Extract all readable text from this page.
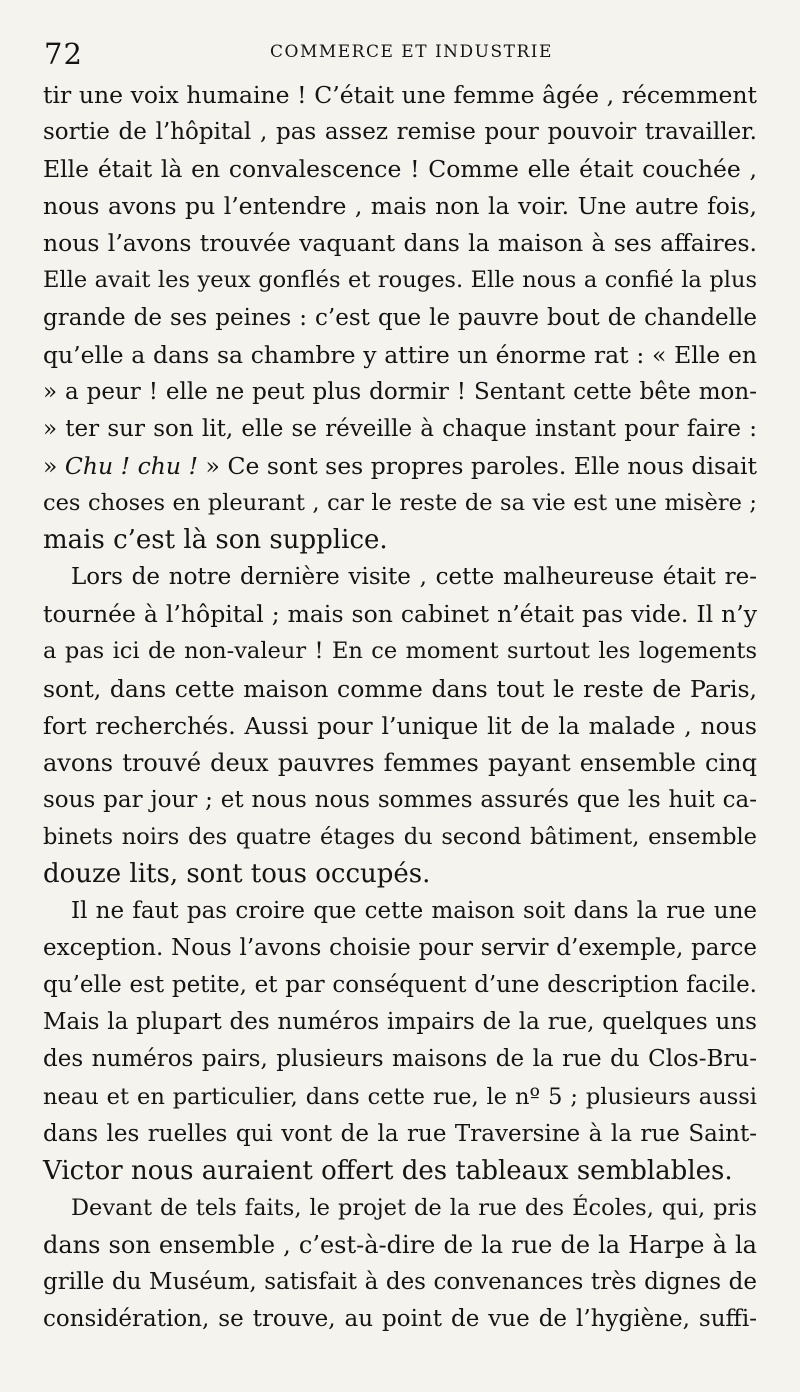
72	COMMERCE ET INDUSTRIE
tir une voix humaine ! C’était une femme âgée , récemment
sortie de l’hôpital , pas assez remise pour pouvoir travailler.
Elle était là en convalescence ! Comme elle était couchée ,
nous avons pu l’entendre , mais non la voir. Une autre fois,
nous l’avons trouvée vaquant dans la maison à ses affaires.
Elle avait les yeux gonflés et rouges. Elle nous a confié la plus
grande de ses peines : c’est que le pauvre bout de chandelle
qu’elle a dans sa chambre y attire un énorme rat : « Elle en
» a peur ! elle ne peut plus dormir ! Sentant cette bête mon-
» ter sur son lit, elle se réveille à chaque instant pour faire :
» Chu ! chu ! » Ce sont ses propres paroles. Elle nous disait
ces choses en pleurant , car le reste de sa vie est une misère ;
mais c’est là son supplice.
Lors de notre dernière visite , cette malheureuse était re-
tournée à l’hôpital ; mais son cabinet n’était pas vide. Il n’y
a pas ici de non-valeur ! En ce moment surtout les logements
sont, dans cette maison comme dans tout le reste de Paris,
fort recherchés. Aussi pour l’unique lit de la malade , nous
avons trouvé deux pauvres femmes payant ensemble cinq
sous par jour ; et nous nous sommes assurés que les huit ca-
binets noirs des quatre étages du second bâtiment, ensemble
douze lits, sont tous occupés.
Il ne faut pas croire que cette maison soit dans la rue une
exception. Nous l’avons choisie pour servir d’exemple, parce
qu’elle est petite, et par conséquent d’une description facile.
Mais la plupart des numéros impairs de la rue, quelques uns
des numéros pairs, plusieurs maisons de la rue du Clos-Bru-
neau et en particulier, dans cette rue, le nº 5 ; plusieurs aussi
dans les ruelles qui vont de la rue Traversine à la rue Saint-
Victor nous auraient offert des tableaux semblables.
Devant de tels faits, le projet de la rue des Écoles, qui, pris
dans son ensemble , c’est-à-dire de la rue de la Harpe à la
grille du Muséum, satisfait à des convenances très dignes de
considération, se trouve, au point de vue de l’hygiène, suffi-
